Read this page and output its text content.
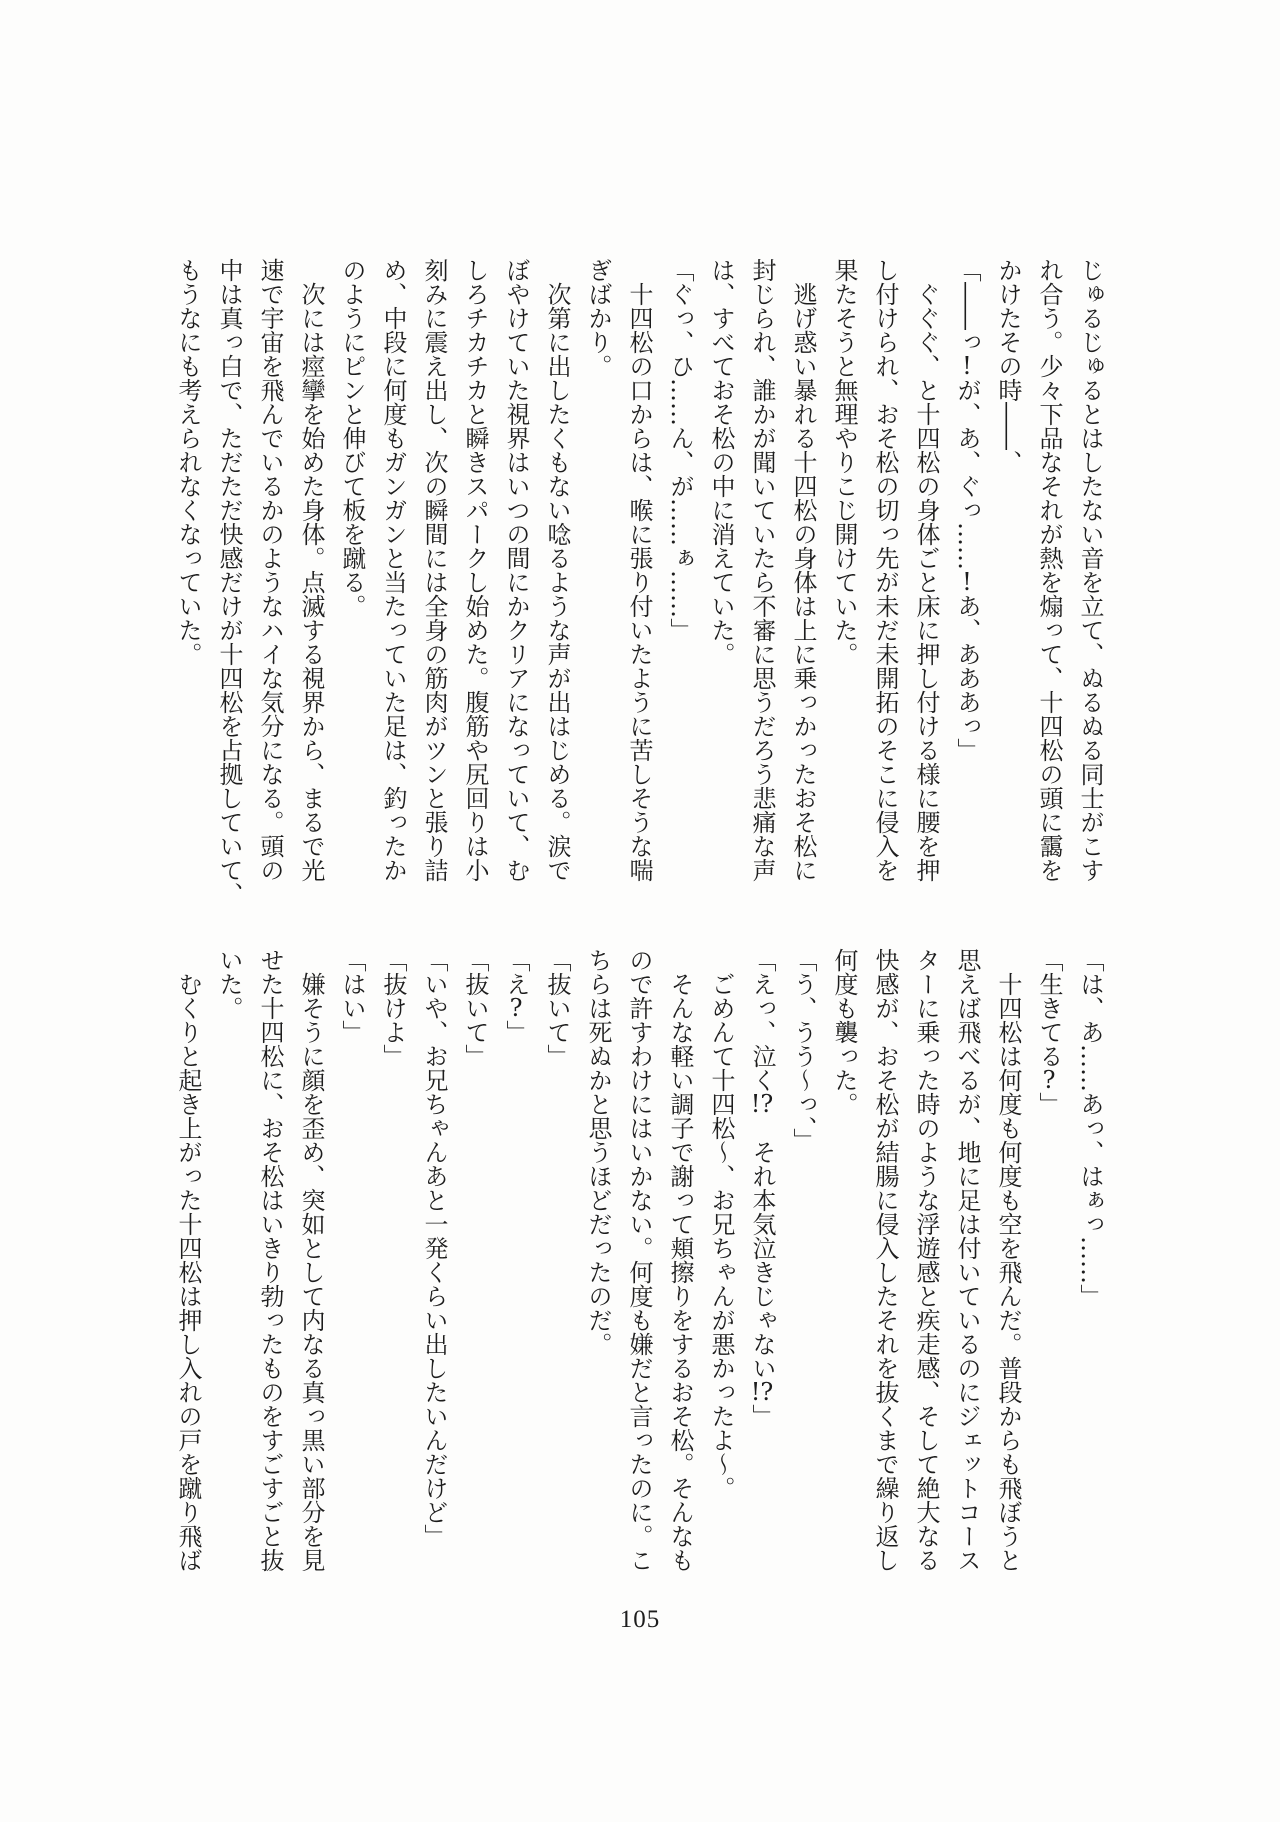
じゅるじゅるとはしたない音を立て、ぬるぬる同士がこす

れ合う。少々下品なそれが熱を煽って、十四松の頭に靄を

かけたその時――、

「――っ!が、あ、ぐっ……!あ、あああっ」

　ぐぐぐ、と十四松の身体ごと床に押し付ける様に腰を押

し付けられ、おそ松の切っ先が未だ未開拓のそこに侵入を

果たそうと無理やりこじ開けていた。

　逃げ惑い暴れる十四松の身体は上に乗っかったおそ松に

封じられ、誰かが聞いていたら不審に思うだろう悲痛な声

は、すべておそ松の中に消えていた。

「ぐっ、ひ……ん、が……ぁ……」

　十四松の口からは、喉に張り付いたように苦しそうな喘

ぎばかり。

　次第に出したくもない唸るような声が出はじめる。涙で

ぼやけていた視界はいつの間にかクリアになっていて、む

しろチカチカと瞬きスパークし始めた。腹筋や尻回りは小

刻みに震え出し、次の瞬間には全身の筋肉がツンと張り詰

め、中段に何度もガンガンと当たっていた足は、釣ったか

のようにピンと伸びて板を蹴る。

　次には痙攣を始めた身体。点滅する視界から、まるで光

速で宇宙を飛んでいるかのようなハイな気分になる。頭の

中は真っ白で、ただただ快感だけが十四松を占拠していて、

もうなにも考えられなくなっていた。

「は、あ……あっ、はぁっ……」

「生きてる?」

　十四松は何度も何度も空を飛んだ。普段からも飛ぼうと

思えば飛べるが、地に足は付いているのにジェットコース

ターに乗った時のような浮遊感と疾走感、そして絶大なる

快感が、おそ松が結腸に侵入したそれを抜くまで繰り返し

何度も襲った。

「う、うう〜っ、」

「えっ、泣く!?　それ本気泣きじゃない!?」

　ごめんて十四松〜、お兄ちゃんが悪かったよ〜。

　そんな軽い調子で謝って頬擦りをするおそ松。そんなも

ので許すわけにはいかない。何度も嫌だと言ったのに。こ

ちらは死ぬかと思うほどだったのだ。

「抜いて」

「え?」

「抜いて」

「いや、お兄ちゃんあと一発くらい出したいんだけど」

「抜けよ」

「はい」

　嫌そうに顔を歪め、突如として内なる真っ黒い部分を見

せた十四松に、おそ松はいきり勃ったものをすごすごと抜

いた。

　むくりと起き上がった十四松は押し入れの戸を蹴り飛ば

105
